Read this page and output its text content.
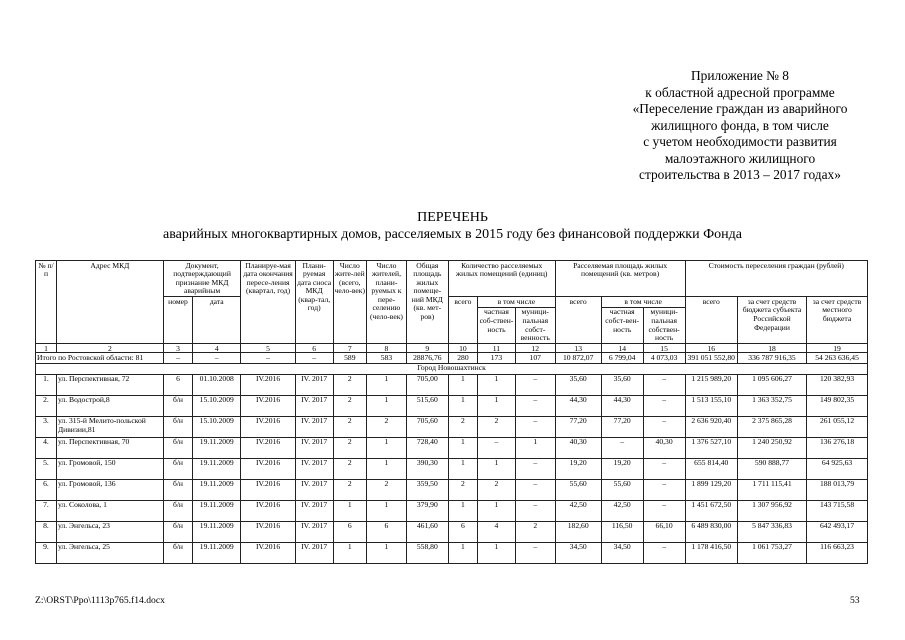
Приложение № 8
к областной адресной программе
«Переселение граждан из аварийного
жилищного фонда, в том числе
с учетом необходимости развития
малоэтажного жилищного
строительства в 2013 – 2017 годах»
ПЕРЕЧЕНЬ
аварийных многоквартирных домов, расселяемых в 2015 году без финансовой поддержки Фонда
№ п/п	Адрес МКД	Документ, подтверждающий признание МКД аварийным		Планируе-мая дата окончания пересе-ления (квартал, год)	Плани-руемая дата сноса МКД (квар-тал, год)	Число жите-лей (всего, чело-век)	Число жителей, плани-руемых к пере-селению (чело-век)	Общая площадь жилых помеще-ний МКД (кв. мет-ров)	Количество расселяемых жилых помещений (единиц)			Расселяемая площадь жилых помещений (кв. метров)			Стоимость переселения граждан (рублей)		
		номер	дата						всего	в том числе		всего	в том числе		всего	за счет средств бюджета субъекта Российской Федерации	за счет средств местного бюджета
										частная соб-ствен-ность	муници-пальная собст-венность		частная собст-вен-ность	муници-пальная собствен-ность			
1	2	3	4	5	6	7	8	9	10	11	12	13	14	15	16	18	19
Итого по Ростовской области: 81		–	–	–	–	589	583	28876,76	280	173	107	10 872,07	6 799,04	4 073,03	391 051 552,80	336 787 916,35	54 263 636,45
Город Новошахтинск																	
1.	ул. Перспективная, 72	6	01.10.2008	IV.2016	IV. 2017	2	1	705,00	1	1	–	35,60	35,60	–	1 215 989,20	1 095 606,27	120 382,93
2.	ул. Водострой,8	б/н	15.10.2009	IV.2016	IV. 2017	2	1	515,60	1	1	–	44,30	44,30	–	1 513 155,10	1 363 352,75	149 802,35
3.	ул. 315-й Мелито-польской Дивизии,81	б/н	15.10.2009	IV.2016	IV. 2017	2	2	705,60	2	2	–	77,20	77,20	–	2 636 920,40	2 375 865,28	261 055,12
4.	ул. Перспективная, 70	б/н	19.11.2009	IV.2016	IV. 2017	2	1	728,40	1	–	1	40,30	–	40,30	1 376 527,10	1 240 250,92	136 276,18
5.	ул. Громовой, 150	б/н	19.11.2009	IV.2016	IV. 2017	2	1	390,30	1	1	–	19,20	19,20	–	655 814,40	590 888,77	64 925,63
6.	ул. Громовой, 136	б/н	19.11.2009	IV.2016	IV. 2017	2	2	359,50	2	2	–	55,60	55,60	–	1 899 129,20	1 711 115,41	188 013,79
7.	ул. Соколова, 1	б/н	19.11.2009	IV.2016	IV. 2017	1	1	379,90	1	1	–	42,50	42,50	–	1 451 672,50	1 307 956,92	143 715,58
8.	ул. Энгельса, 23	б/н	19.11.2009	IV.2016	IV. 2017	6	6	461,60	6	4	2	182,60	116,50	66,10	6 489 830,00	5 847 336,83	642 493,17
9.	ул. Энгельса, 25	б/н	19.11.2009	IV.2016	IV. 2017	1	1	558,80	1	1	–	34,50	34,50	–	1 178 416,50	1 061 753,27	116 663,23
Z:\ORST\Ppo\1113p765.f14.docx	53
